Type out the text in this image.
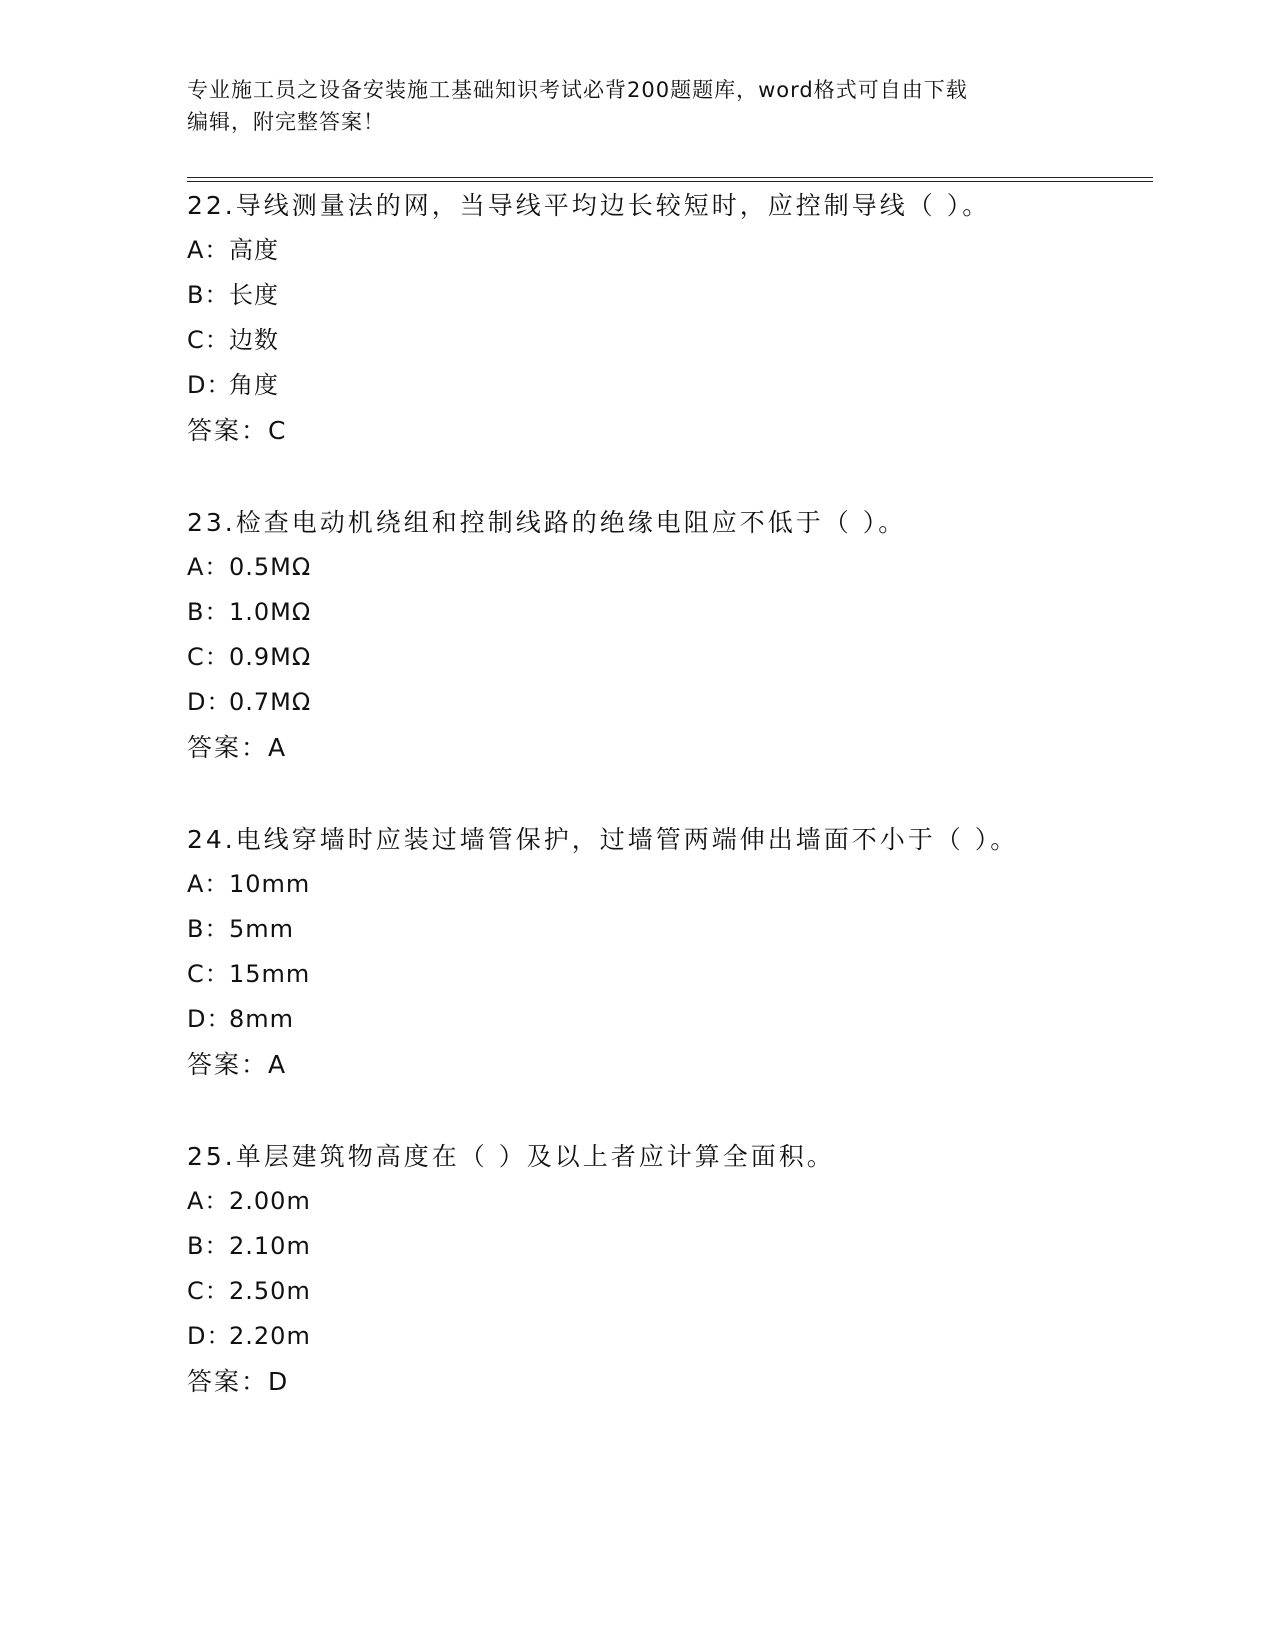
专业施工员之设备安装施工基础知识考试必背200题题库，word格式可自由下载
编辑，附完整答案！
22.导线测量法的网，当导线平均边长较短时，应控制导线（ ）。
A：高度
B：长度
C：边数
D：角度
答案：C
23.检查电动机绕组和控制线路的绝缘电阻应不低于（ ）。
A：0.5MΩ
B：1.0MΩ
C：0.9MΩ
D：0.7MΩ
答案：A
24.电线穿墙时应装过墙管保护，过墙管两端伸出墙面不小于（ ）。
A：10mm
B：5mm
C：15mm
D：8mm
答案：A
25.单层建筑物高度在（ ）及以上者应计算全面积。
A：2.00m
B：2.10m
C：2.50m
D：2.20m
答案：D
